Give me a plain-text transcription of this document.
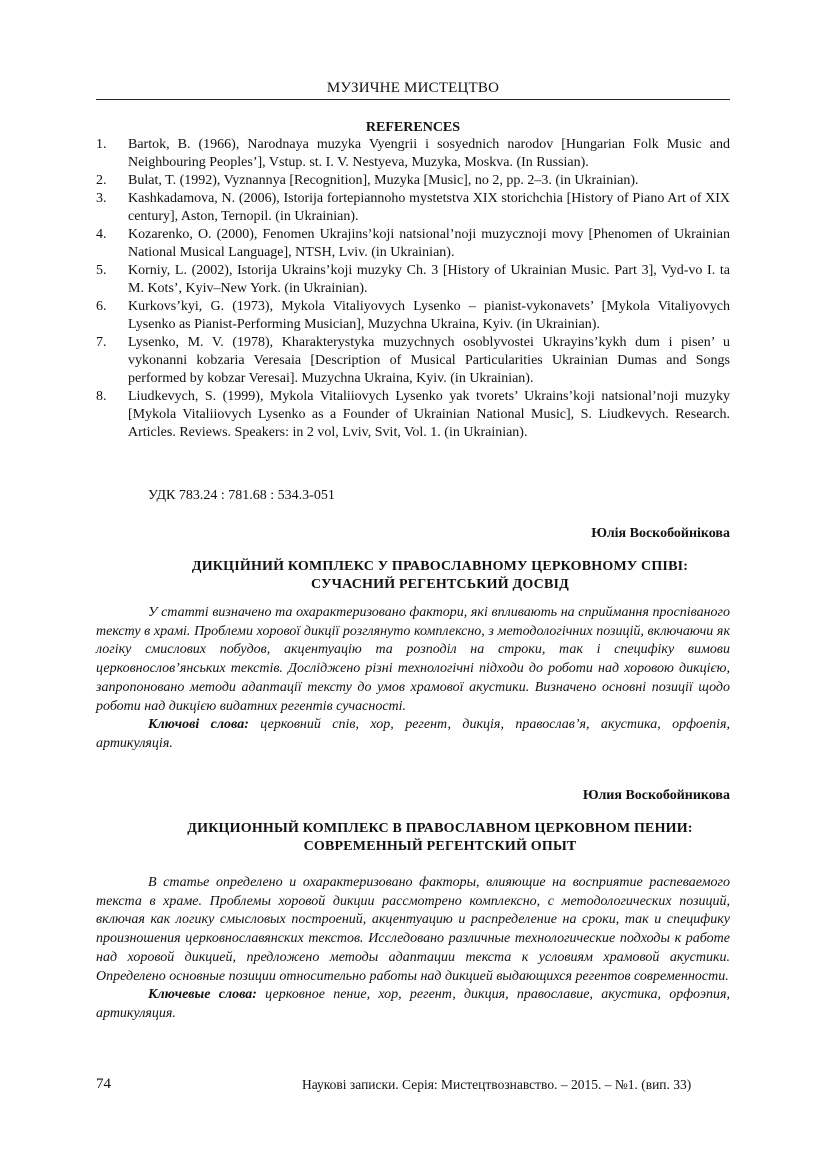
МУЗИЧНЕ МИСТЕЦТВО
REFERENCES
1. Bartok, B. (1966), Narodnaya muzyka Vyengrii i sosyednich narodov [Hungarian Folk Music and Neighbouring Peoples’], Vstup. st. I. V. Nestyeva, Muzyka, Moskva. (In Russian).
2. Bulat, T. (1992), Vyznannya [Recognition], Muzyka [Music], no 2, pp. 2–3. (in Ukrainian).
3. Kashkadamova, N. (2006), Istorija fortepiannoho mystetstva XIX storichchia [History of Piano Art of XIX century], Aston, Ternopil. (in Ukrainian).
4. Kozarenko, O. (2000), Fenomen Ukrajins’koji natsional’noji muzycznoji movy [Phenomen of Ukrainian National Musical Language], NTSH, Lviv. (in Ukrainian).
5. Korniy, L. (2002), Istorija Ukrains’koji muzyky Ch. 3 [History of Ukrainian Music. Part 3], Vyd-vo I. ta M. Kots’, Kyiv–New York. (in Ukrainian).
6. Kurkovs’kyi, G. (1973), Mykola Vitaliyovych Lysenko – pianist-vykonavets’ [Mykola Vitaliyovych Lysenko as Pianist-Performing Musician], Muzychna Ukraina, Kyiv. (in Ukrainian).
7. Lysenko, M. V. (1978), Kharakterystyka muzychnych osoblyvostei Ukrayins’kykh dum i pisen’ u vykonanni kobzaria Veresaia [Description of Musical Particularities Ukrainian Dumas and Songs performed by kobzar Veresai]. Muzychna Ukraina, Kyiv. (in Ukrainian).
8. Liudkevych, S. (1999), Mykola Vitaliiovych Lysenko yak tvorets’ Ukrains’koji natsional’noji muzyky [Mykola Vitaliiovych Lysenko as a Founder of Ukrainian National Music], S. Liudkevych. Research. Articles. Reviews. Speakers: in 2 vol, Lviv, Svit, Vol. 1. (in Ukrainian).
УДК 783.24 : 781.68 : 534.3-051
Юлія Воскобойнікова
ДИКЦІЙНИЙ КОМПЛЕКС У ПРАВОСЛАВНОМУ ЦЕРКОВНОМУ СПІВІ:
СУЧАСНИЙ РЕГЕНТСЬКИЙ ДОСВІД

У статті визначено та охарактеризовано фактори, які впливають на сприймання проспіваного тексту в храмі. Проблеми хорової дикції розглянуто комплексно, з методологічних позицій, включаючи як логіку смислових побудов, акцентуацію та розподіл на строки, так і специфіку вимови церковнослов’янських текстів. Досліджено різні технологічні підходи до роботи над хоровою дикцією, запропоновано методи адаптації тексту до умов храмової акустики. Визначено основні позиції щодо роботи над дикцією видатних регентів сучасності.

Ключові слова: церковний спів, хор, регент, дикція, православ’я, акустика, орфоепія, артикуляція.

Юлия Воскобойникова
ДИКЦИОННЫЙ КОМПЛЕКС В ПРАВОСЛАВНОМ ЦЕРКОВНОМ ПЕНИИ:
СОВРЕМЕННЫЙ РЕГЕНТСКИЙ ОПЫТ

В статье определено и охарактеризовано факторы, влияющие на восприятие распеваемого текста в храме. Проблемы хоровой дикции рассмотрено комплексно, с методологических позиций, включая как логику смысловых построений, акцентуацию и распределение на сроки, так и специфику произношения церковнославянских текстов. Исследовано различные технологические подходы к работе над хоровой дикцией, предложено методы адаптации текста к условиям храмовой акустики. Определено основные позиции относительно работы над дикцией выдающихся регентов современности.

Ключевые слова: церковное пение, хор, регент, дикция, православие, акустика, орфоэпия, артикуляция.

74	Наукові записки. Серія: Мистецтвознавство. – 2015. – №1. (вип. 33)
